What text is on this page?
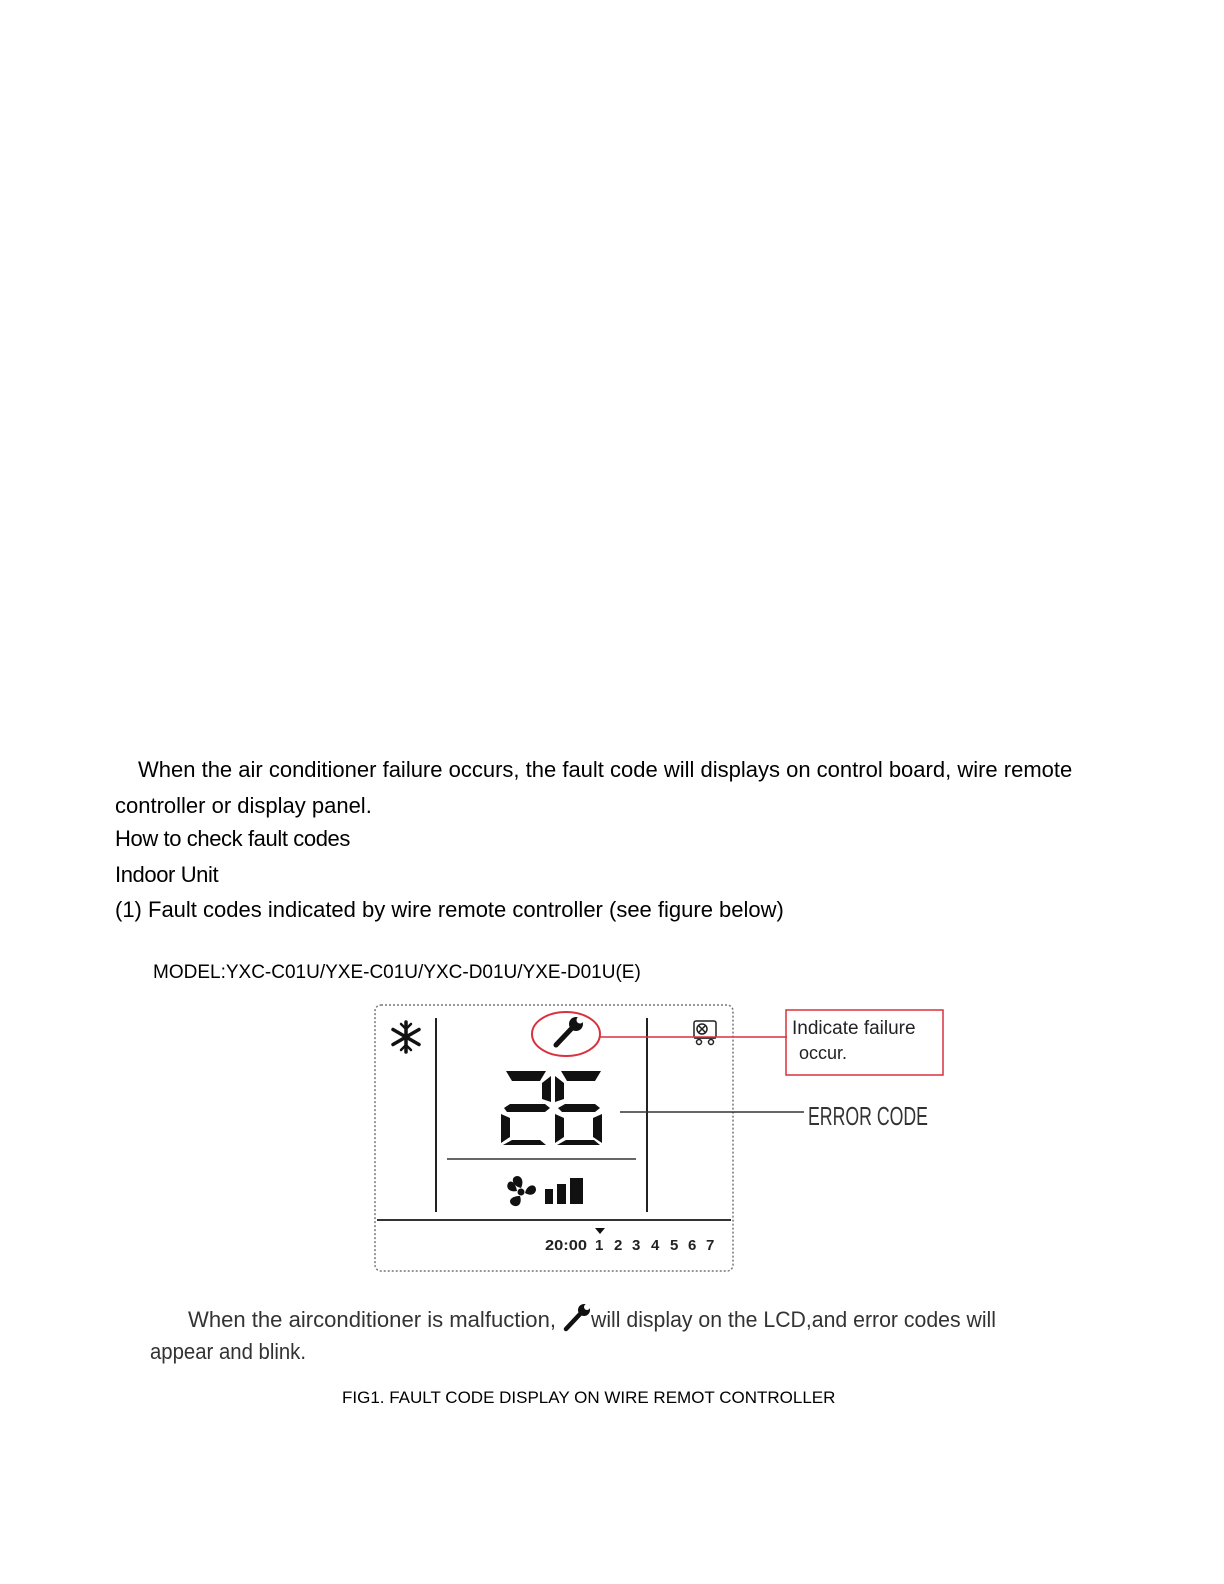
When the air conditioner failure occurs, the fault code will displays on control board, wire remote controller or display panel.
How to check fault codes
Indoor Unit
(1) Fault codes indicated by wire remote controller (see figure below)
MODEL:YXC-C01U/YXE-C01U/YXC-D01U/YXE-D01U(E)
Indicate failure
occur.
ERROR CODE
20:00 1 2 3 4 5 6 7
When the airconditioner is malfuction, will display on the LCD,and error codes will
appear and blink.
FIG1. FAULT CODE DISPLAY ON WIRE REMOT CONTROLLER
